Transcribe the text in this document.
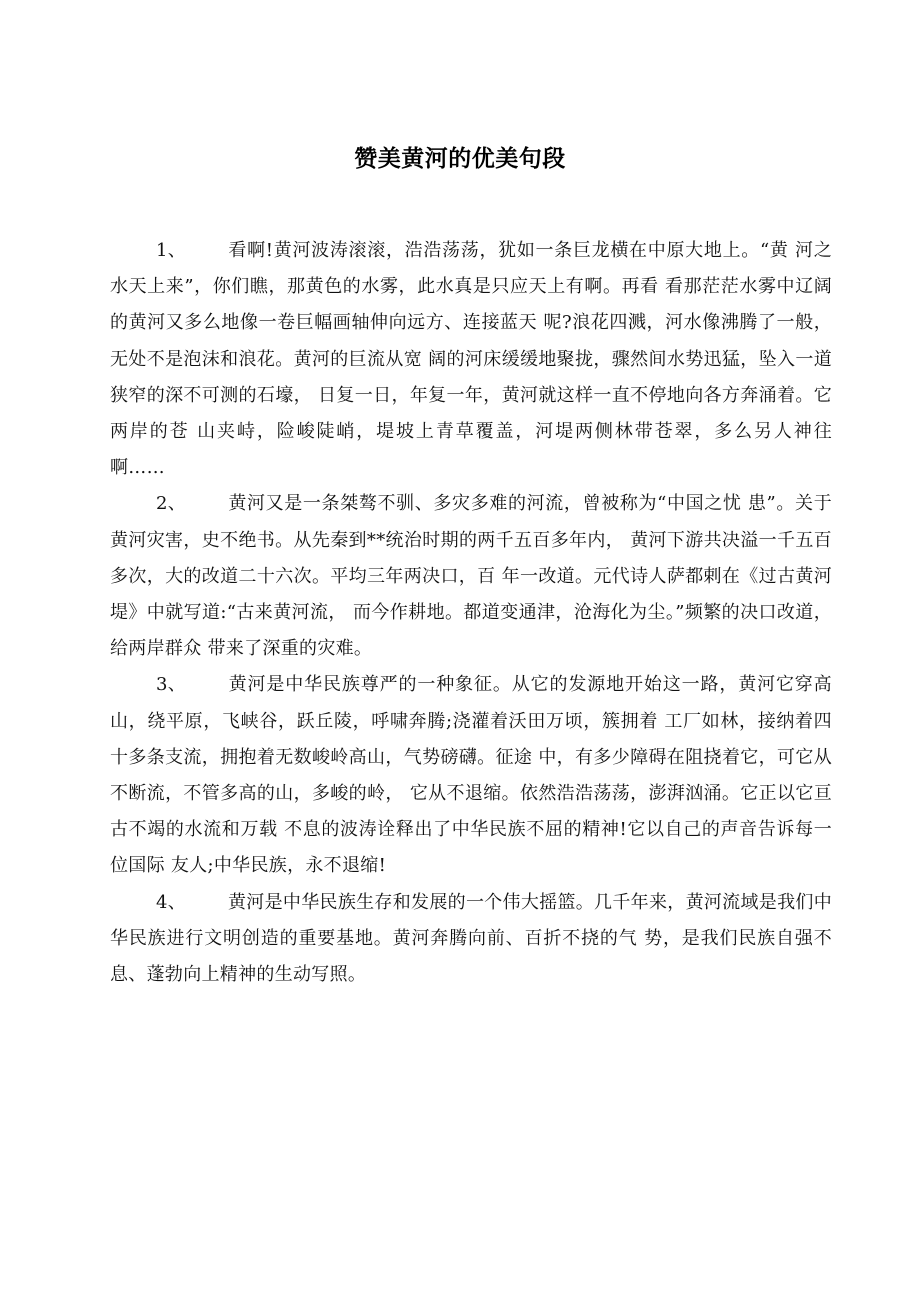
赞美黄河的优美句段

1、 看啊!黄河波涛滚滚，浩浩荡荡，犹如一条巨龙横在中原大地上。“黄 河之水天上来”，你们瞧，那黄色的水雾，此水真是只应天上有啊。再看 看那茫茫水雾中辽阔的黄河又多么地像一卷巨幅画轴伸向远方、连接蓝天 呢?浪花四溅，河水像沸腾了一般，无处不是泡沫和浪花。黄河的巨流从宽 阔的河床缓缓地聚拢，骤然间水势迅猛，坠入一道狭窄的深不可测的石壕， 日复一日，年复一年，黄河就这样一直不停地向各方奔涌着。它两岸的苍 山夹峙，险峻陡峭，堤坡上青草覆盖，河堤两侧林带苍翠，多么另人神往 啊……

2、 黄河又是一条桀骜不驯、多灾多难的河流，曾被称为“中国之忧 患”。关于黄河灾害，史不绝书。从先秦到**统治时期的两千五百多年内， 黄河下游共决溢一千五百多次，大的改道二十六次。平均三年两决口，百 年一改道。元代诗人萨都剌在《过古黄河堤》中就写道:“古来黄河流， 而今作耕地。都道变通津，沧海化为尘。”频繁的决口改道，给两岸群众 带来了深重的灾难。

3、 黄河是中华民族尊严的一种象征。从它的发源地开始这一路，黄河它穿高山，绕平原，飞峡谷，跃丘陵，呼啸奔腾;浇灌着沃田万顷，簇拥着 工厂如林，接纳着四十多条支流，拥抱着无数峻岭高山，气势磅礴。征途 中，有多少障碍在阻挠着它，可它从不断流，不管多高的山，多峻的岭， 它从不退缩。依然浩浩荡荡，澎湃汹涌。它正以它亘古不竭的水流和万载 不息的波涛诠释出了中华民族不屈的精神!它以自己的声音告诉每一位国际 友人;中华民族，永不退缩!

4、 黄河是中华民族生存和发展的一个伟大摇篮。几千年来，黄河流域是我们中华民族进行文明创造的重要基地。黄河奔腾向前、百折不挠的气 势，是我们民族自强不息、蓬勃向上精神的生动写照。
